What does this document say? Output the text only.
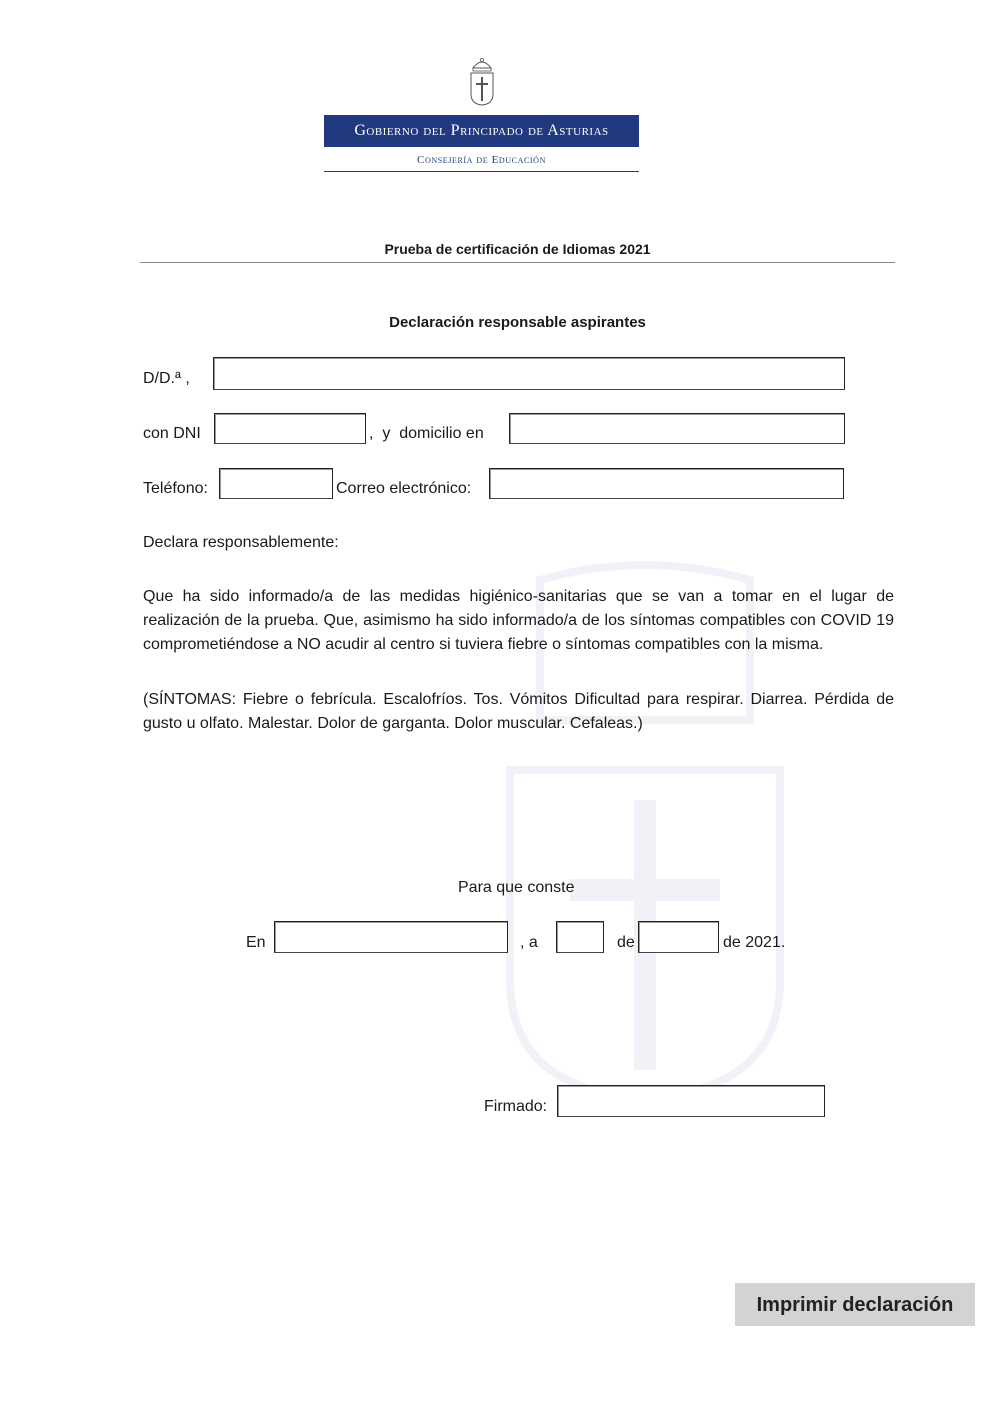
Gobierno del Principado de Asturias
Consejería de Educación
Prueba de certificación de Idiomas 2021
Declaración responsable aspirantes
D/D.ª ,
con DNI	,  y  domicilio en
Teléfono:	Correo electrónico:
Declara responsablemente:
Que ha sido informado/a de las medidas higiénico-sanitarias que se van a tomar en el lugar de realización de la prueba. Que, asimismo ha sido informado/a de los síntomas compatibles con COVID 19 comprometiéndose a NO acudir al centro si tuviera fiebre o síntomas compatibles con la misma.
(SÍNTOMAS: Fiebre o febrícula. Escalofríos. Tos. Vómitos Dificultad para respirar. Diarrea. Pérdida de gusto u olfato. Malestar. Dolor de garganta. Dolor muscular. Cefaleas.)
Para que conste
En	, a	de	de 2021.
Firmado:
Imprimir declaración
